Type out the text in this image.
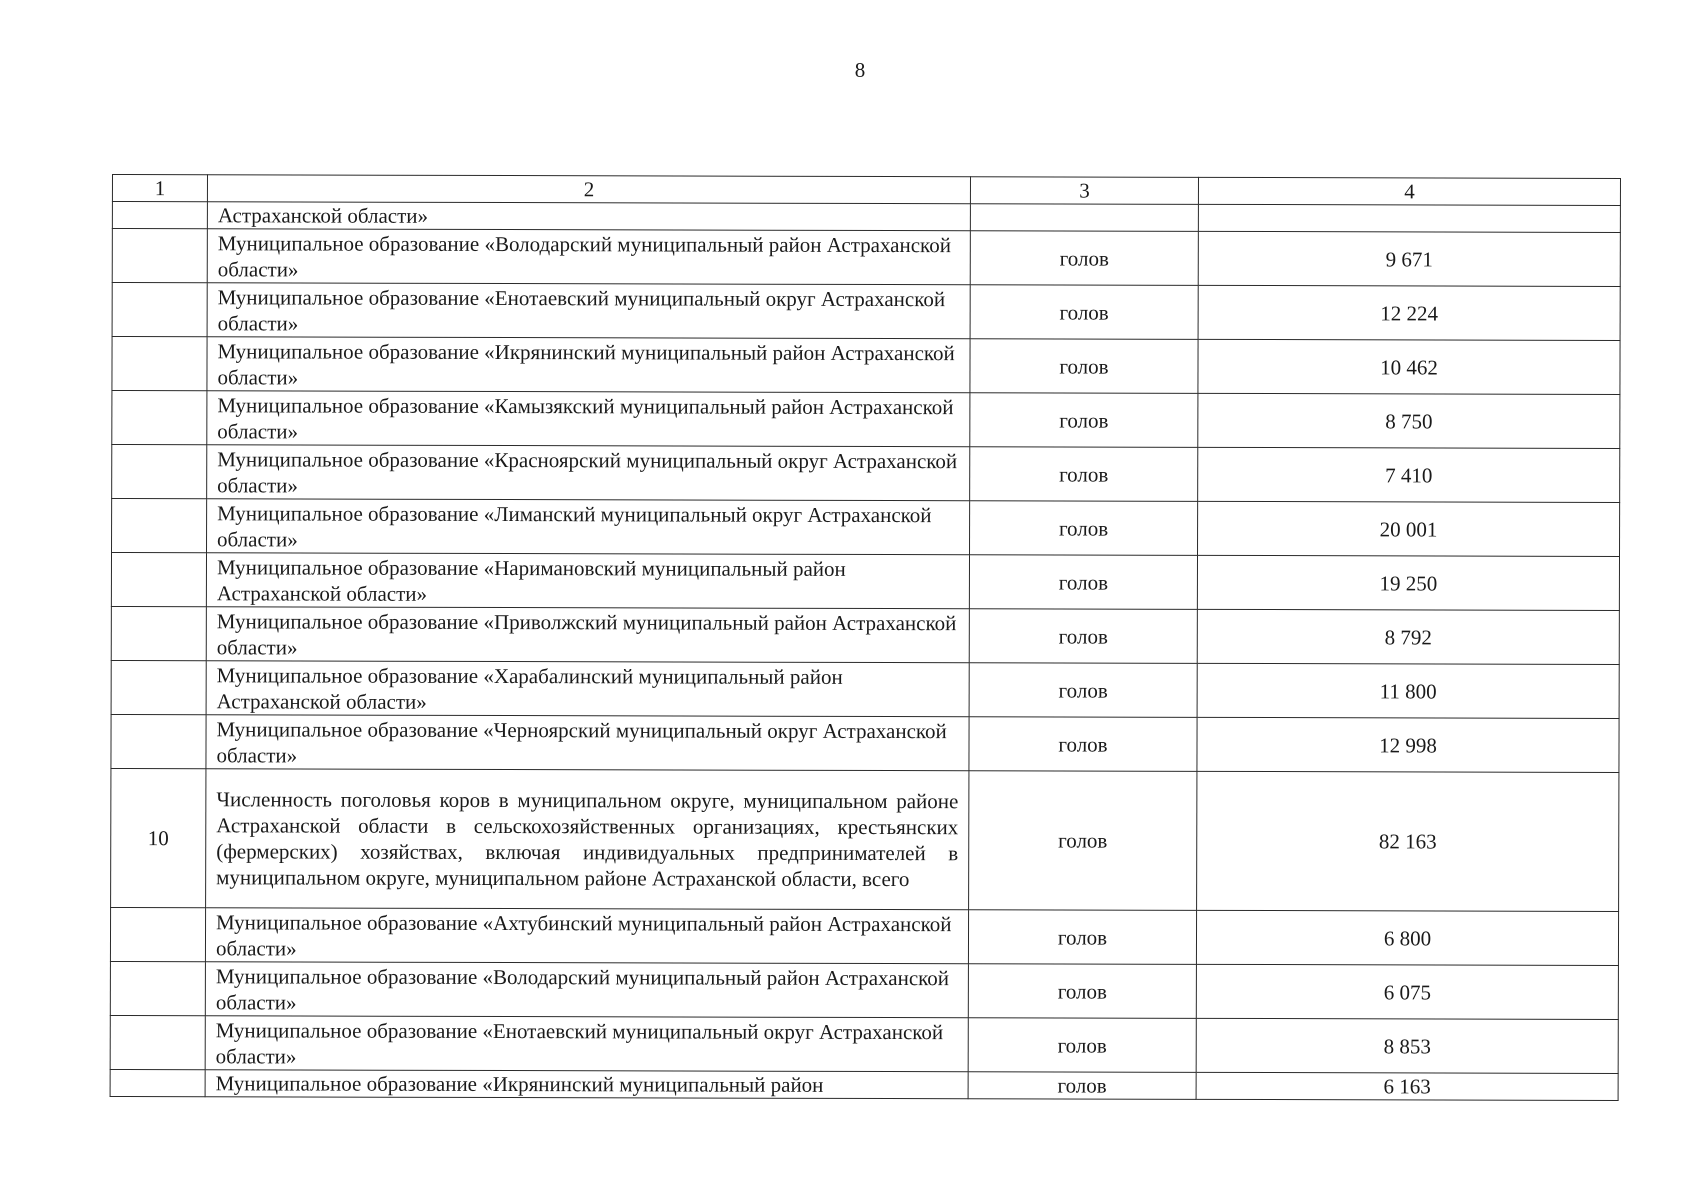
8
1	2	3	4
	Астраханской области»		
	Муниципальное образование «Володарский муниципальный район Астраханской области»	голов	9 671
	Муниципальное образование «Енотаевский муниципальный округ Астраханской области»	голов	12 224
	Муниципальное образование «Икрянинский муниципальный район Астраханской области»	голов	10 462
	Муниципальное образование «Камызякский муниципальный район Астраханской области»	голов	8 750
	Муниципальное образование «Красноярский муниципальный округ Астраханской области»	голов	7 410
	Муниципальное образование «Лиманский муниципальный округ Астраханской области»	голов	20 001
	Муниципальное образование «Наримановский муниципальный район Астраханской области»	голов	19 250
	Муниципальное образование «Приволжский муниципальный район Астраханской области»	голов	8 792
	Муниципальное образование «Харабалинский муниципальный район Астраханской области»	голов	11 800
	Муниципальное образование «Черноярский муниципальный округ Астраханской области»	голов	12 998
10	Численность поголовья коров в муниципальном округе, муниципальном районе Астраханской области в сельскохозяйственных организациях, крестьянских (фермерских) хозяйствах, включая индивидуальных предпринимателей в муниципальном округе, муниципальном районе Астраханской области, всего	голов	82 163
	Муниципальное образование «Ахтубинский муниципальный район Астраханской области»	голов	6 800
	Муниципальное образование «Володарский муниципальный район Астраханской области»	голов	6 075
	Муниципальное образование «Енотаевский муниципальный округ Астраханской области»	голов	8 853
	Муниципальное образование «Икрянинский муниципальный район	голов	6 163
